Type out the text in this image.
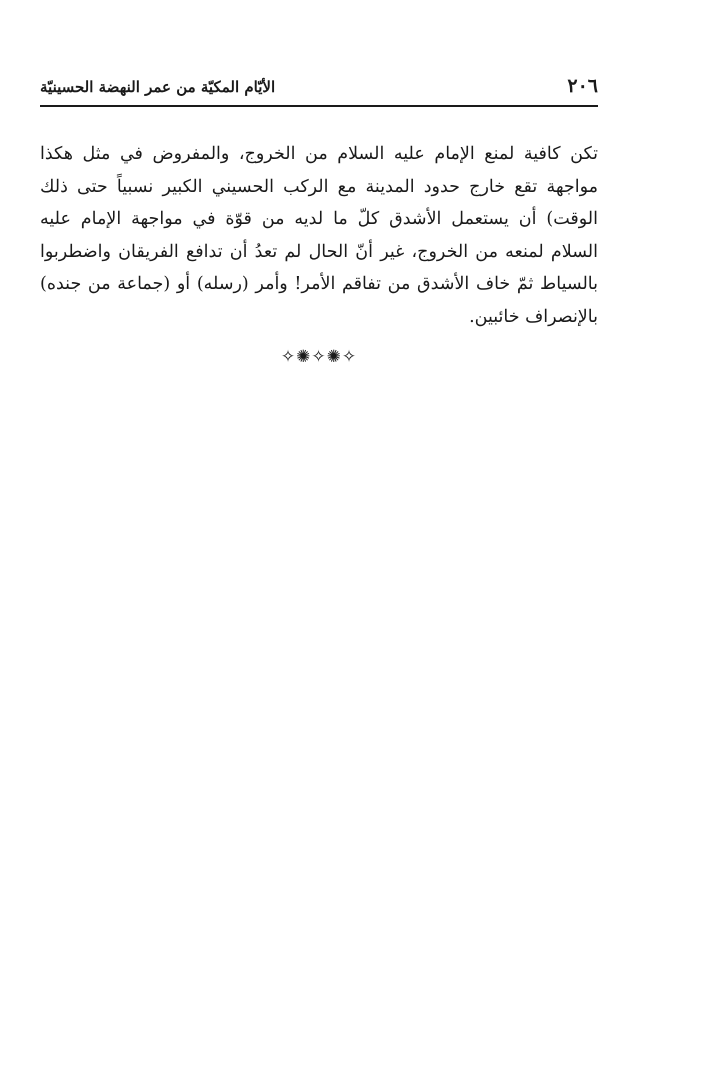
٢٠٦
الأيّام المكيّة من عمر النهضة الحسينيّة

تكن كافية لمنع الإمام عليه السلام من الخروج، والمفروض في مثل هكذا مواجهة تقع خارج حدود المدينة مع الركب الحسيني الكبير نسبياً حتى ذلك الوقت) أن يستعمل الأشدق كلّ ما لديه من قوّة في مواجهة الإمام عليه السلام لمنعه من الخروج، غير أنّ الحال لم تعدُ أن تدافع الفريقان واضطربوا بالسياط ثمّ خاف الأشدق من تفاقم الأمر! وأمر (رسله) أو (جماعة من جنده) بالإنصراف خائبين.

✧✺✧✺✧
